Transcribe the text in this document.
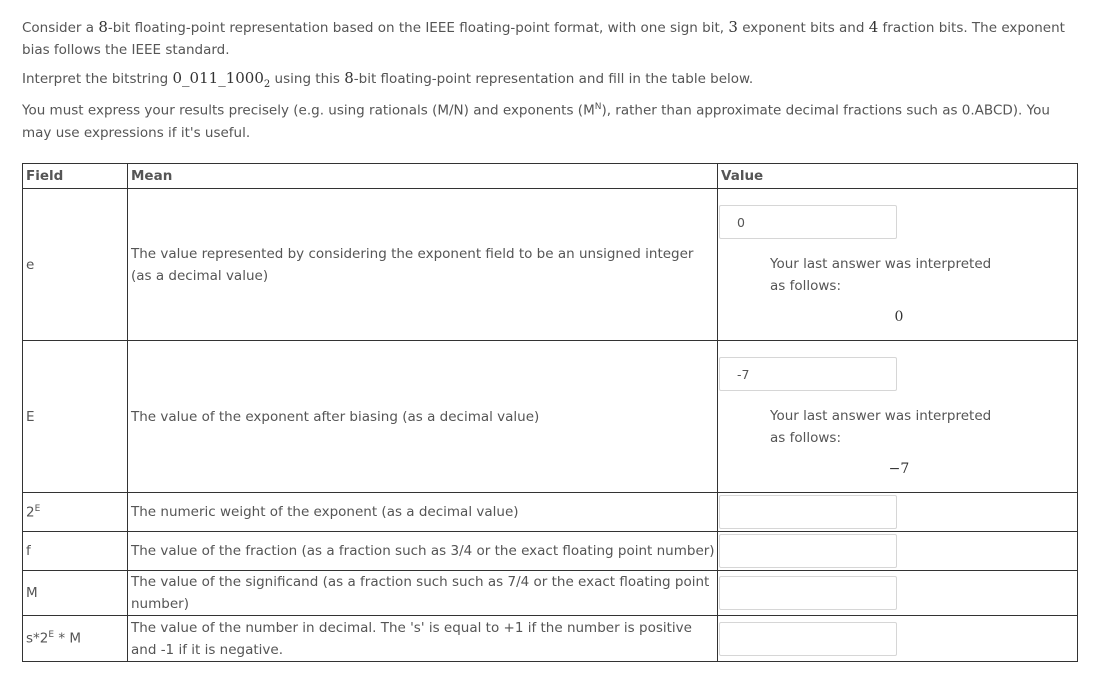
Consider a 8-bit floating-point representation based on the IEEE floating-point format, with one sign bit, 3 exponent bits and 4 fraction bits. The exponent bias follows the IEEE standard.

Interpret the bitstring $0\_011\_1000_2$ using this 8-bit floating-point representation and fill in the table below.

You must express your results precisely (e.g. using rationals (M/N) and exponents $(M^N)$, rather than approximate decimal fractions such as 0.ABCD). You may use expressions if it's useful.

Field	Mean	Value
e	The value represented by considering the exponent field to be an unsigned integer (as a decimal value)	0
Your last answer was interpreted as follows:
0

E	The value of the exponent after biasing (as a decimal value)	-7
Your last answer was interpreted as follows:
−7

$2^E$	The numeric weight of the exponent (as a decimal value)	

f	The value of the fraction (as a fraction such as 3/4 or the exact floating point number)	

M	The value of the significand (as a fraction such such as 7/4 or the exact floating point number)	

$s*2^E$ * M	The value of the number in decimal. The 's' is equal to +1 if the number is positive and -1 if it is negative.	
